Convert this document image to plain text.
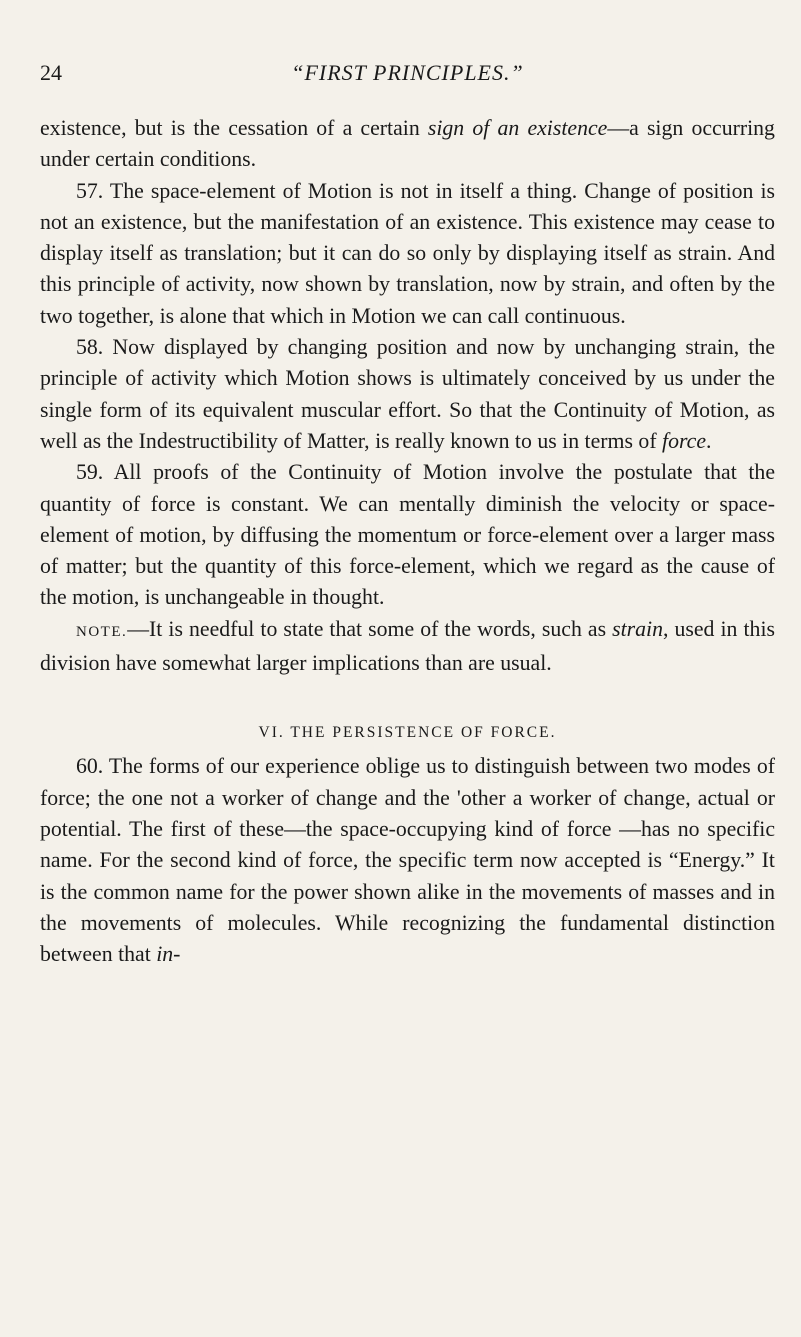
24	“FIRST PRINCIPLES.”

existence, but is the cessation of a certain sign of an existence—a sign occurring under certain conditions.

57. The space-element of Motion is not in itself a thing. Change of position is not an existence, but the manifestation of an existence. This existence may cease to display itself as translation; but it can do so only by displaying itself as strain. And this principle of activity, now shown by translation, now by strain, and often by the two together, is alone that which in Motion we can call continuous.

58. Now displayed by changing position and now by unchanging strain, the principle of activity which Motion shows is ultimately conceived by us under the single form of its equivalent muscular effort. So that the Continuity of Motion, as well as the Indestructibility of Matter, is really known to us in terms of force.

59. All proofs of the Continuity of Motion involve the postulate that the quantity of force is constant. We can mentally diminish the velocity or space-element of motion, by diffusing the momentum or force-element over a larger mass of matter; but the quantity of this force-element, which we regard as the cause of the motion, is unchangeable in thought.

NOTE.—It is needful to state that some of the words, such as strain, used in this division have somewhat larger implications than are usual.

VI. THE PERSISTENCE OF FORCE.

60. The forms of our experience oblige us to distinguish between two modes of force; the one not a worker of change and the 'other a worker of change, actual or potential. The first of these—the space-occupying kind of force —has no specific name. For the second kind of force, the specific term now accepted is “Energy.” It is the common name for the power shown alike in the movements of masses and in the movements of molecules. While recognizing the fundamental distinction between that in-
